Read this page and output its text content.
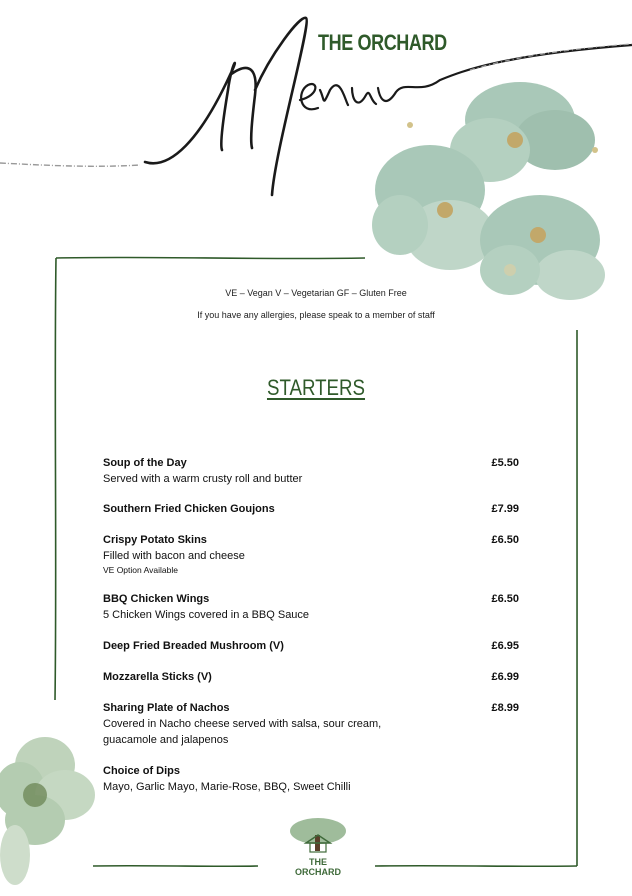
Menu
THE ORCHARD
VE – Vegan V – Vegetarian GF – Gluten Free
If you have any allergies, please speak to a member of staff
STARTERS
Soup of the Day	£5.50
Served with a warm crusty roll and butter
Southern Fried Chicken Goujons	£7.99
Crispy Potato Skins	£6.50
Filled with bacon and cheese
VE Option Available
BBQ Chicken Wings	£6.50
5 Chicken Wings covered in a BBQ Sauce
Deep Fried Breaded Mushroom (V)	£6.95
Mozzarella Sticks (V)	£6.99
Sharing Plate of Nachos	£8.99
Covered in Nacho cheese served with salsa, sour cream, guacamole and jalapenos
Choice of Dips
Mayo, Garlic Mayo, Marie-Rose, BBQ, Sweet Chilli
THE
ORCHARD
